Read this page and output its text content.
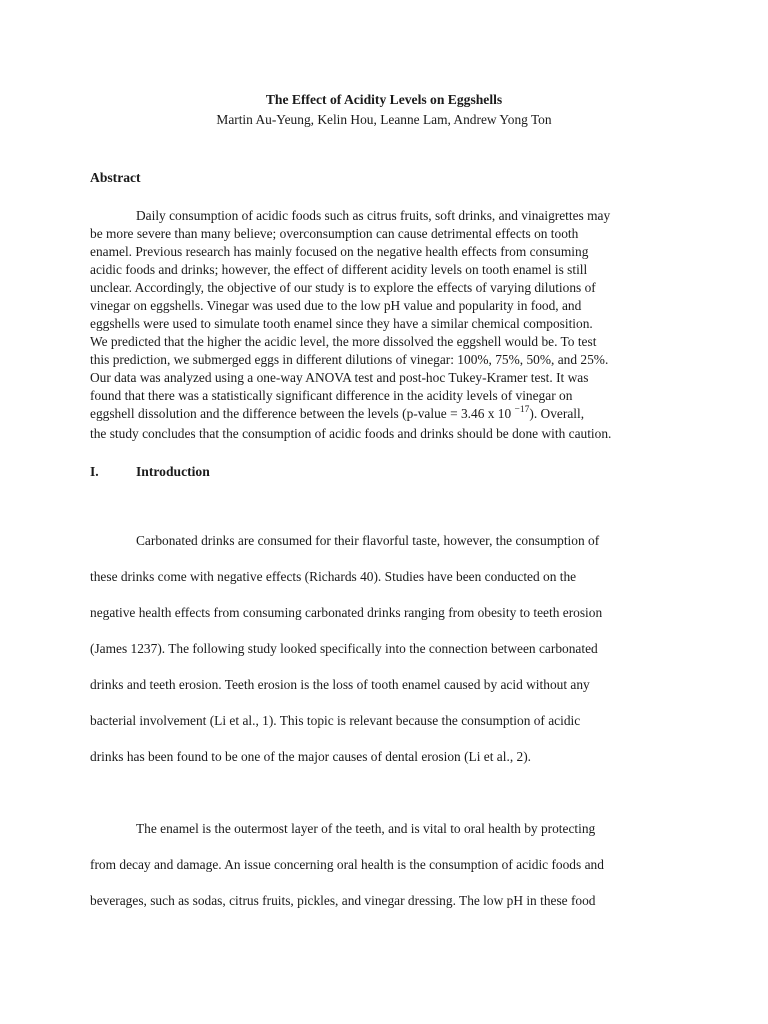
The Effect of Acidity Levels on Eggshells
Martin Au-Yeung, Kelin Hou, Leanne Lam, Andrew Yong Ton
Abstract
Daily consumption of acidic foods such as citrus fruits, soft drinks, and vinaigrettes may
be more severe than many believe; overconsumption can cause detrimental effects on tooth
enamel. Previous research has mainly focused on the negative health effects from consuming
acidic foods and drinks; however, the effect of different acidity levels on tooth enamel is still
unclear. Accordingly, the objective of our study is to explore the effects of varying dilutions of
vinegar on eggshells. Vinegar was used due to the low pH value and popularity in food, and
eggshells were used to simulate tooth enamel since they have a similar chemical composition.
We predicted that the higher the acidic level, the more dissolved the eggshell would be. To test
this prediction, we submerged eggs in different dilutions of vinegar: 100%, 75%, 50%, and 25%.
Our data was analyzed using a one-way ANOVA test and post-hoc Tukey-Kramer test. It was
found that there was a statistically significant difference in the acidity levels of vinegar on
eggshell dissolution and the difference between the levels (p-value = 3.46 x 10 $^{-17}$). Overall,
the study concludes that the consumption of acidic foods and drinks should be done with caution.
I.	Introduction
Carbonated drinks are consumed for their flavorful taste, however, the consumption of
these drinks come with negative effects (Richards 40). Studies have been conducted on the
negative health effects from consuming carbonated drinks ranging from obesity to teeth erosion
(James 1237). The following study looked specifically into the connection between carbonated
drinks and teeth erosion. Teeth erosion is the loss of tooth enamel caused by acid without any
bacterial involvement (Li et al., 1). This topic is relevant because the consumption of acidic
drinks has been found to be one of the major causes of dental erosion (Li et al., 2).
The enamel is the outermost layer of the teeth, and is vital to oral health by protecting
from decay and damage. An issue concerning oral health is the consumption of acidic foods and
beverages, such as sodas, citrus fruits, pickles, and vinegar dressing. The low pH in these food
